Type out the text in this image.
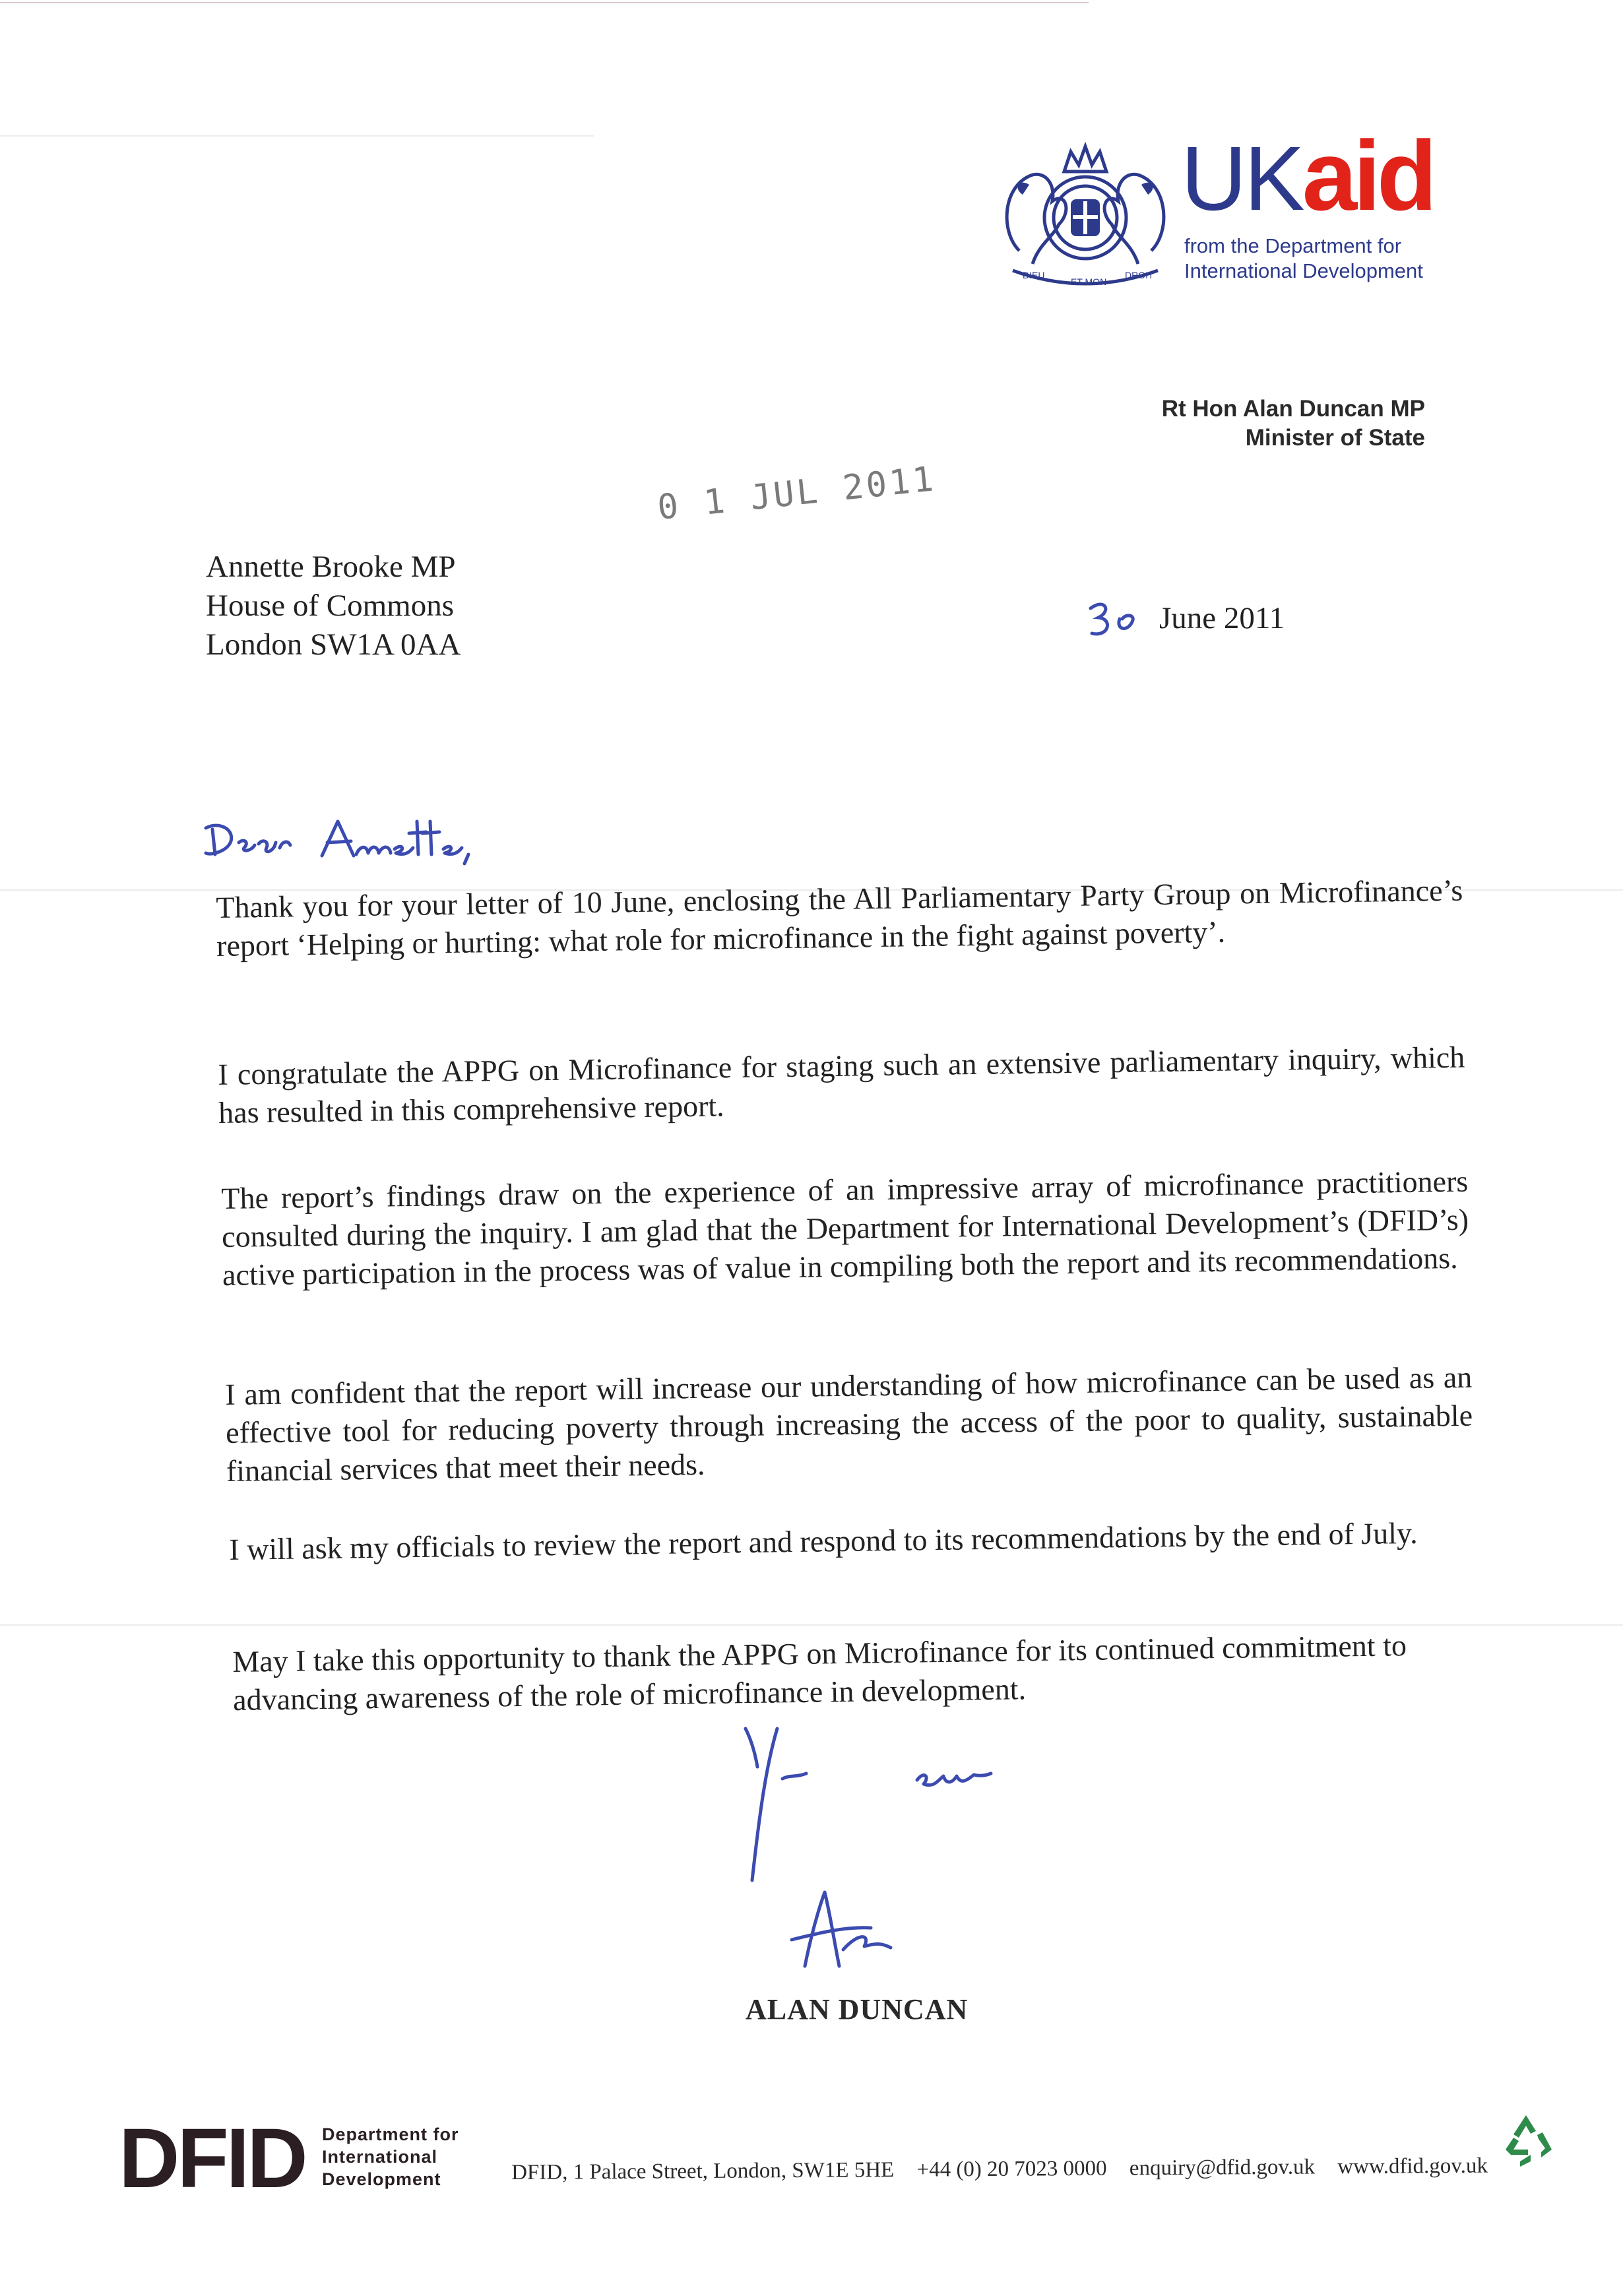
DIEU
ET MON
DROIT
UKaid
from the Department for
International Development
Rt Hon Alan Duncan MP
Minister of State
0 1 JUL 2011
Annette Brooke MP
House of Commons
London SW1A 0AA
June 2011
Thank you for your letter of 10 June, enclosing the All Parliamentary Party Group on Microfinance’s report ‘Helping or hurting: what role for microfinance in the fight against poverty’.
I congratulate the APPG on Microfinance for staging such an extensive parliamentary inquiry, which has resulted in this comprehensive report.
The report’s findings draw on the experience of an impressive array of microfinance practitioners consulted during the inquiry. I am glad that the Department for International Development’s (DFID’s) active participation in the process was of value in compiling both the report and its recommendations.
I am confident that the report will increase our understanding of how microfinance can be used as an effective tool for reducing poverty through increasing the access of the poor to quality, sustainable financial services that meet their needs.
I will ask my officials to review the report and respond to its recommendations by the end of July.
May I take this opportunity to thank the APPG on Microfinance for its continued commitment to advancing awareness of the role of microfinance in development.
ALAN DUNCAN
DFID Department for
International
Development	DFID, 1 Palace Street, London, SW1E 5HE +44 (0) 20 7023 0000 enquiry@dfid.gov.uk www.dfid.gov.uk
